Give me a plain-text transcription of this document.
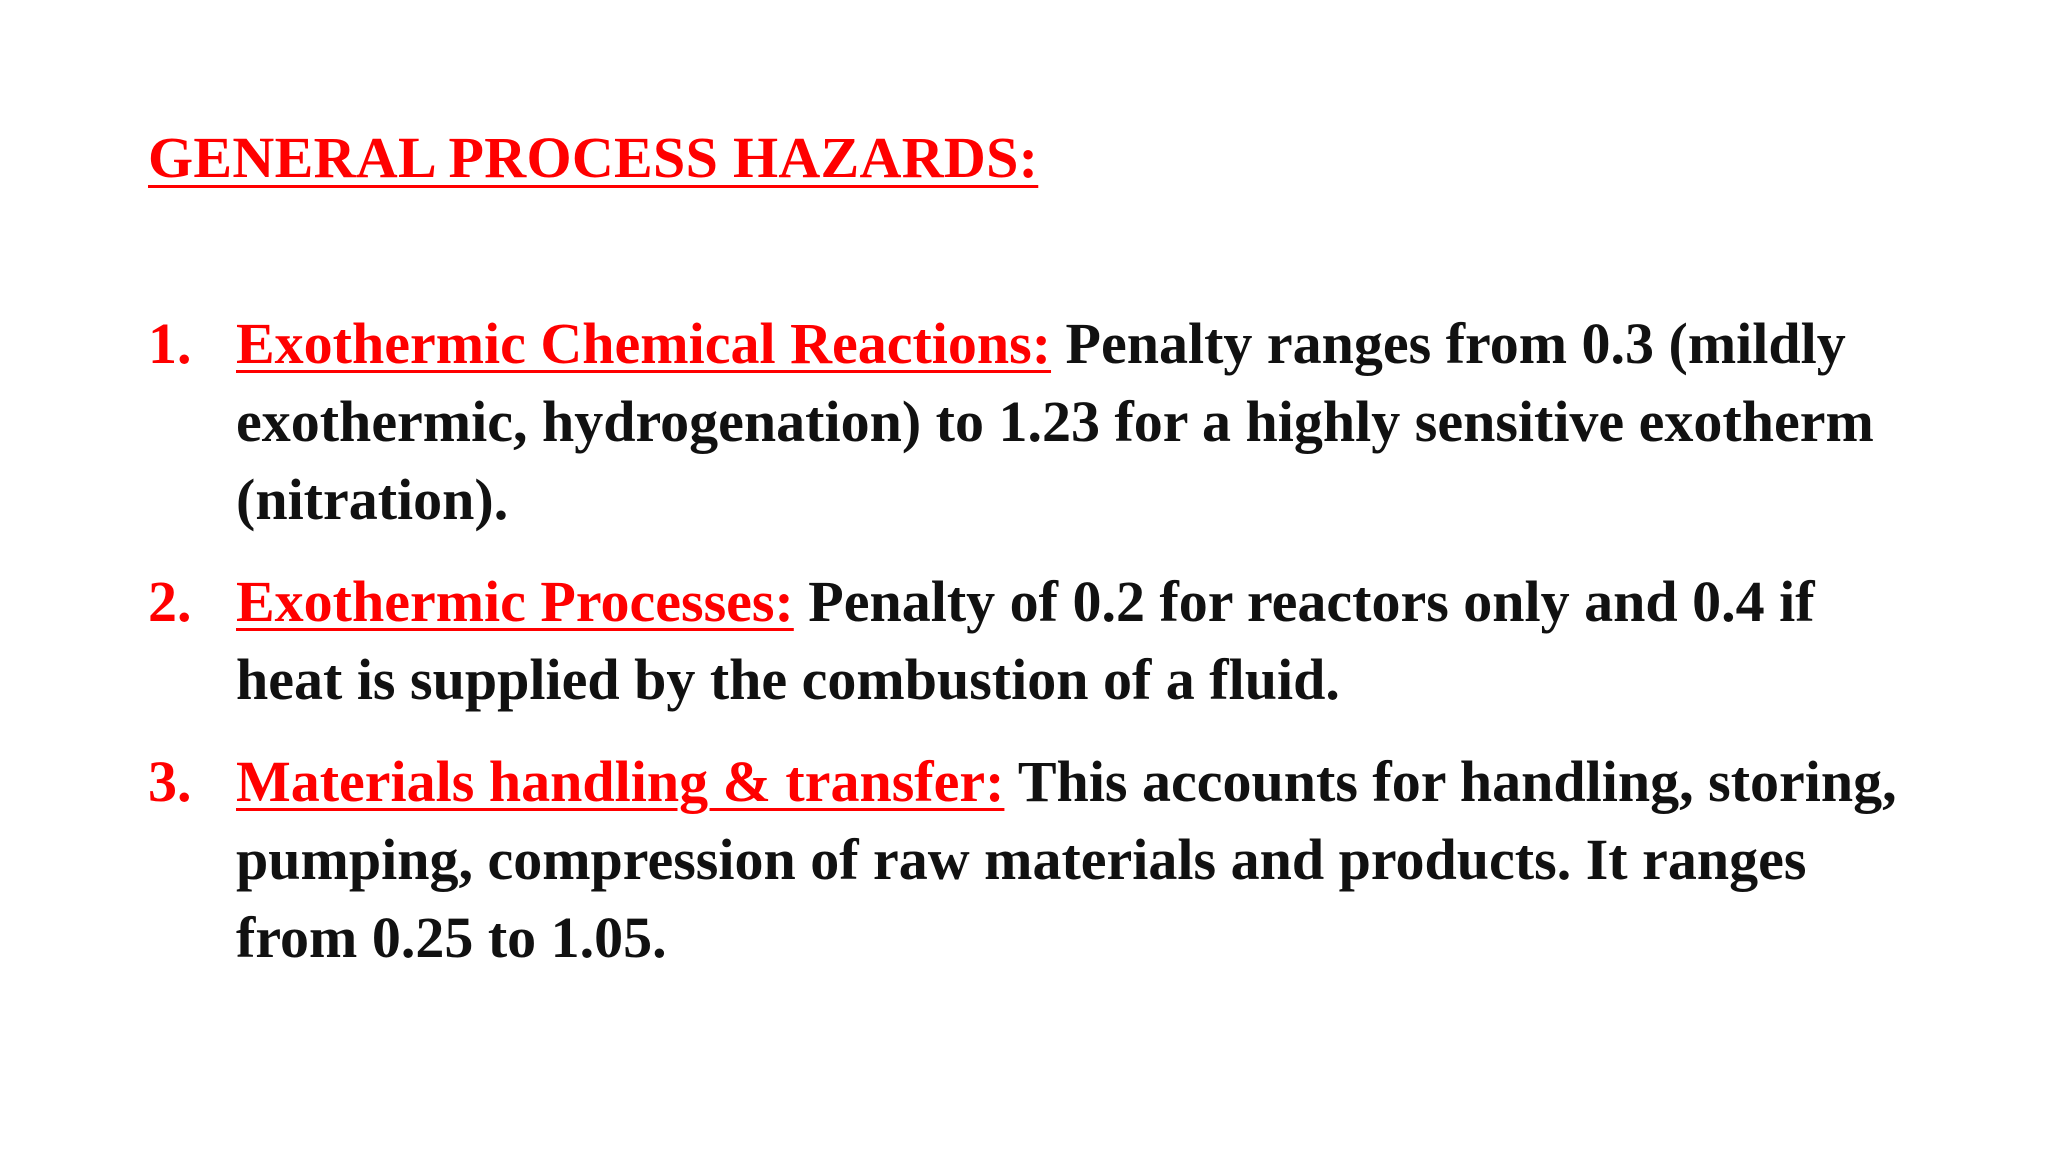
GENERAL PROCESS HAZARDS:
1. Exothermic Chemical Reactions: Penalty ranges from 0.3 (mildly exothermic, hydrogenation) to 1.23 for a highly sensitive exotherm (nitration).
2. Exothermic Processes: Penalty of 0.2 for reactors only and 0.4 if heat is supplied by the combustion of a fluid.
3. Materials handling & transfer: This accounts for handling, storing, pumping, compression of raw materials and products. It ranges from 0.25 to 1.05.
